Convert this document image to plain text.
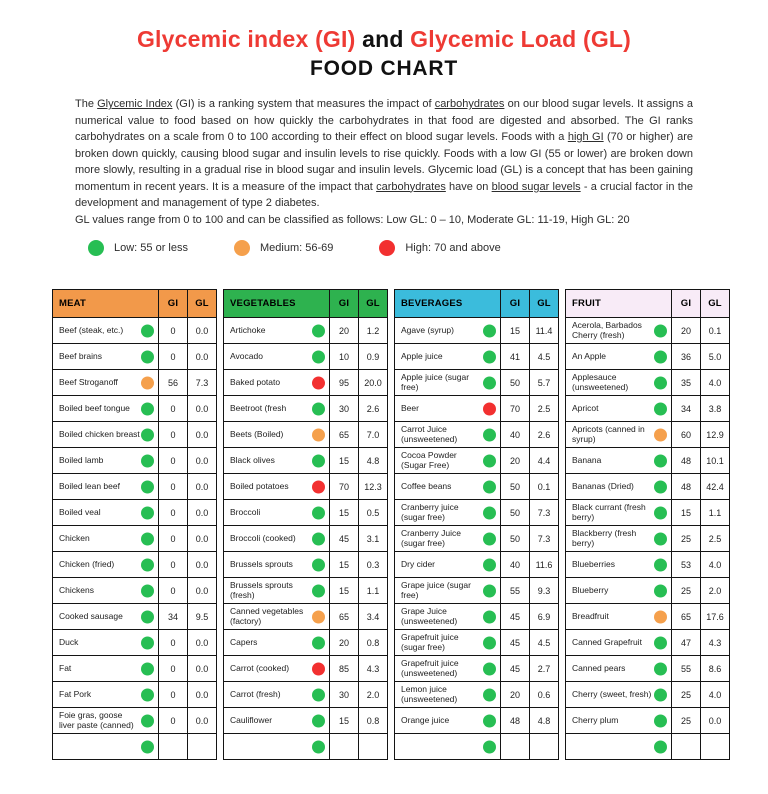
Glycemic index (GI) and Glycemic Load (GL)
FOOD CHART
The Glycemic Index (GI) is a ranking system that measures the impact of carbohydrates on our blood sugar levels. It assigns a numerical value to food based on how quickly the carbohydrates in that food are digested and absorbed. The GI ranks carbohydrates on a scale from 0 to 100 according to their effect on blood sugar levels. Foods with a high GI (70 or higher) are broken down quickly, causing blood sugar and insulin levels to rise quickly. Foods with a low GI (55 or lower) are broken down more slowly, resulting in a gradual rise in blood sugar and insulin levels. Glycemic load (GL) is a concept that has been gaining momentum in recent years. It is a measure of the impact that carbohydrates have on blood sugar levels - a crucial factor in the development and management of type 2 diabetes.
GL values range from 0 to 100 and can be classified as follows: Low GL: 0 – 10, Moderate GL: 11-19, High GL: 20
Low: 55 or less	Medium: 56-69	High: 70 and above
MEAT	GI	GL
Beef (steak, etc.)	0	0.0
Beef brains	0	0.0
Beef Stroganoff	56	7.3
Boiled beef tongue	0	0.0
Boiled chicken breast	0	0.0
Boiled lamb	0	0.0
Boiled lean beef	0	0.0
Boiled veal	0	0.0
Chicken	0	0.0
Chicken (fried)	0	0.0
Chickens	0	0.0
Cooked sausage	34	9.5
Duck	0	0.0
Fat	0	0.0
Fat Pork	0	0.0
Foie gras, goose liver paste (canned)	0	0.0

VEGETABLES	GI	GL
Artichoke	20	1.2
Avocado	10	0.9
Baked potato	95	20.0
Beetroot (fresh	30	2.6
Beets (Boiled)	65	7.0
Black olives	15	4.8
Boiled potatoes	70	12.3
Broccoli	15	0.5
Broccoli (cooked)	45	3.1
Brussels sprouts	15	0.3
Brussels sprouts (fresh)	15	1.1
Canned vegetables (factory)	65	3.4
Capers	20	0.8
Carrot (cooked)	85	4.3
Carrot (fresh)	30	2.0
Cauliflower	15	0.8

BEVERAGES	GI	GL
Agave (syrup)	15	11.4
Apple juice	41	4.5
Apple juice (sugar free)	50	5.7
Beer	70	2.5
Carrot Juice (unsweetened)	40	2.6
Cocoa Powder (Sugar Free)	20	4.4
Coffee beans	50	0.1
Cranberry juice (sugar free)	50	7.3
Cranberry Juice (sugar free)	50	7.3
Dry cider	40	11.6
Grape juice (sugar free)	55	9.3
Grape Juice (unsweetened)	45	6.9
Grapefruit juice (sugar free)	45	4.5
Grapefruit juice (unsweetened)	45	2.7
Lemon juice (unsweetened)	20	0.6
Orange juice	48	4.8

FRUIT	GI	GL
Acerola, Barbados Cherry (fresh)	20	0.1
An Apple	36	5.0
Applesauce (unsweetened)	35	4.0
Apricot	34	3.8
Apricots (canned in syrup)	60	12.9
Banana	48	10.1
Bananas (Dried)	48	42.4
Black currant (fresh berry)	15	1.1
Blackberry (fresh berry)	25	2.5
Blueberries	53	4.0
Blueberry	25	2.0
Breadfruit	65	17.6
Canned Grapefruit	47	4.3
Canned pears	55	8.6
Cherry (sweet, fresh)	25	4.0
Cherry plum	25	0.0
